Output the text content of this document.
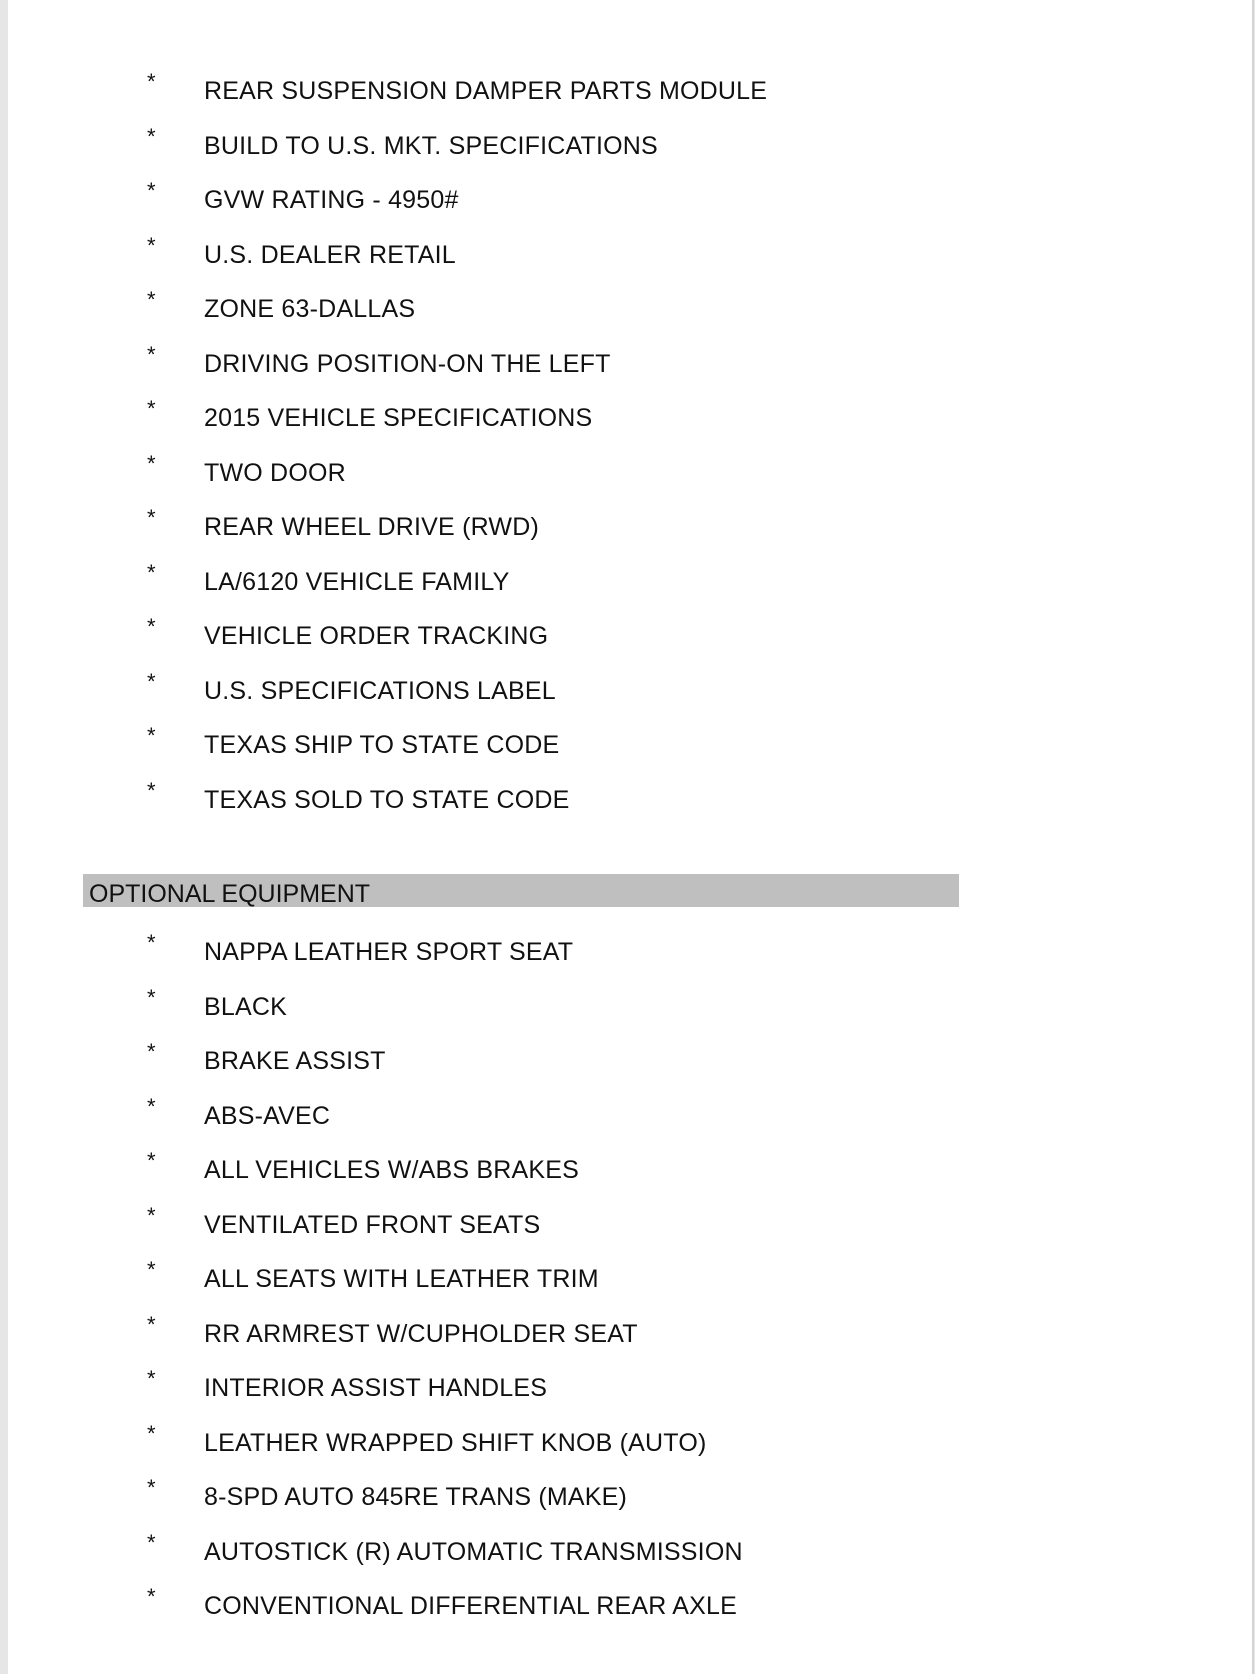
* REAR SUSPENSION DAMPER PARTS MODULE
* BUILD TO U.S. MKT. SPECIFICATIONS
* GVW RATING - 4950#
* U.S. DEALER RETAIL
* ZONE 63-DALLAS
* DRIVING POSITION-ON THE LEFT
* 2015 VEHICLE SPECIFICATIONS
* TWO DOOR
* REAR WHEEL DRIVE (RWD)
* LA/6120 VEHICLE FAMILY
* VEHICLE ORDER TRACKING
* U.S. SPECIFICATIONS LABEL
* TEXAS SHIP TO STATE CODE
* TEXAS SOLD TO STATE CODE
OPTIONAL EQUIPMENT
* NAPPA LEATHER SPORT SEAT
* BLACK
* BRAKE ASSIST
* ABS-AVEC
* ALL VEHICLES W/ABS BRAKES
* VENTILATED FRONT SEATS
* ALL SEATS WITH LEATHER TRIM
* RR ARMREST W/CUPHOLDER SEAT
* INTERIOR ASSIST HANDLES
* LEATHER WRAPPED SHIFT KNOB (AUTO)
* 8-SPD AUTO 845RE TRANS (MAKE)
* AUTOSTICK (R) AUTOMATIC TRANSMISSION
* CONVENTIONAL DIFFERENTIAL REAR AXLE
